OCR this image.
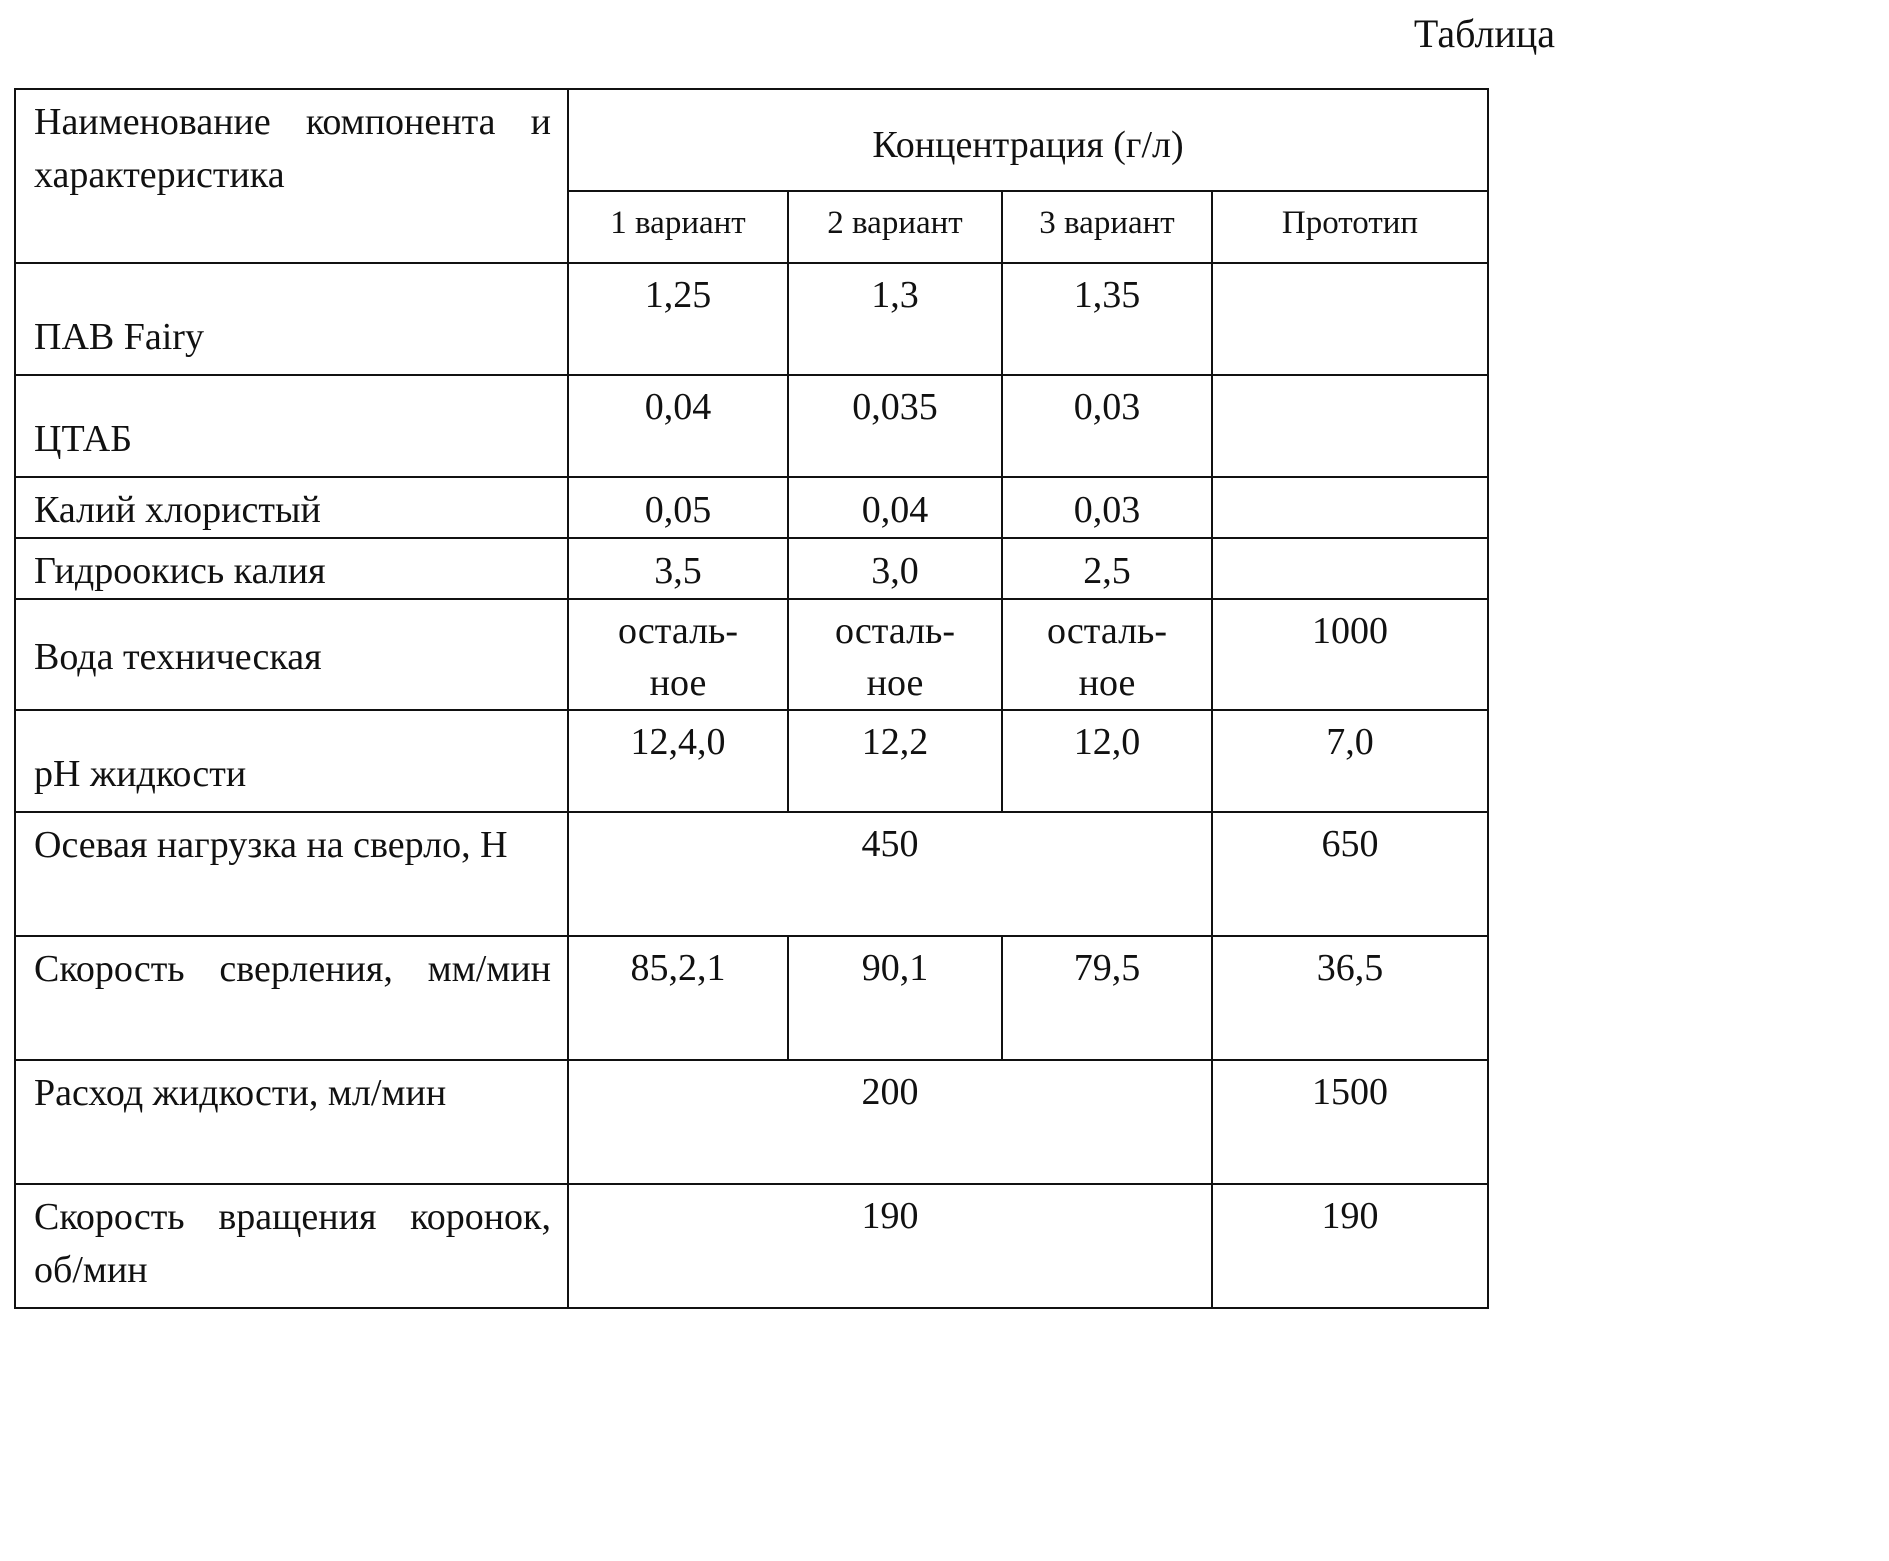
Таблица
Наименование компонента и характеристика	Концентрация (г/л)			
	1 вариант	2 вариант	3 вариант	Прототип
ПАВ Fairy	1,25	1,3	1,35	
ЦТАБ	0,04	0,035	0,03	
Калий хлористый	0,05	0,04	0,03	
Гидроокись калия	3,5	3,0	2,5	
Вода техническая	осталь-ное	осталь-ное	осталь-ное	1000
pH жидкости	12,4,0	12,2	12,0	7,0
Осевая нагрузка на сверло, Н	450			650

Скорость сверления, мм/мин	85,2,1	90,1	79,5	36,5
Расход жидкости, мл/мин	200			1500
Скорость вращения коронок, об/мин	190			190
